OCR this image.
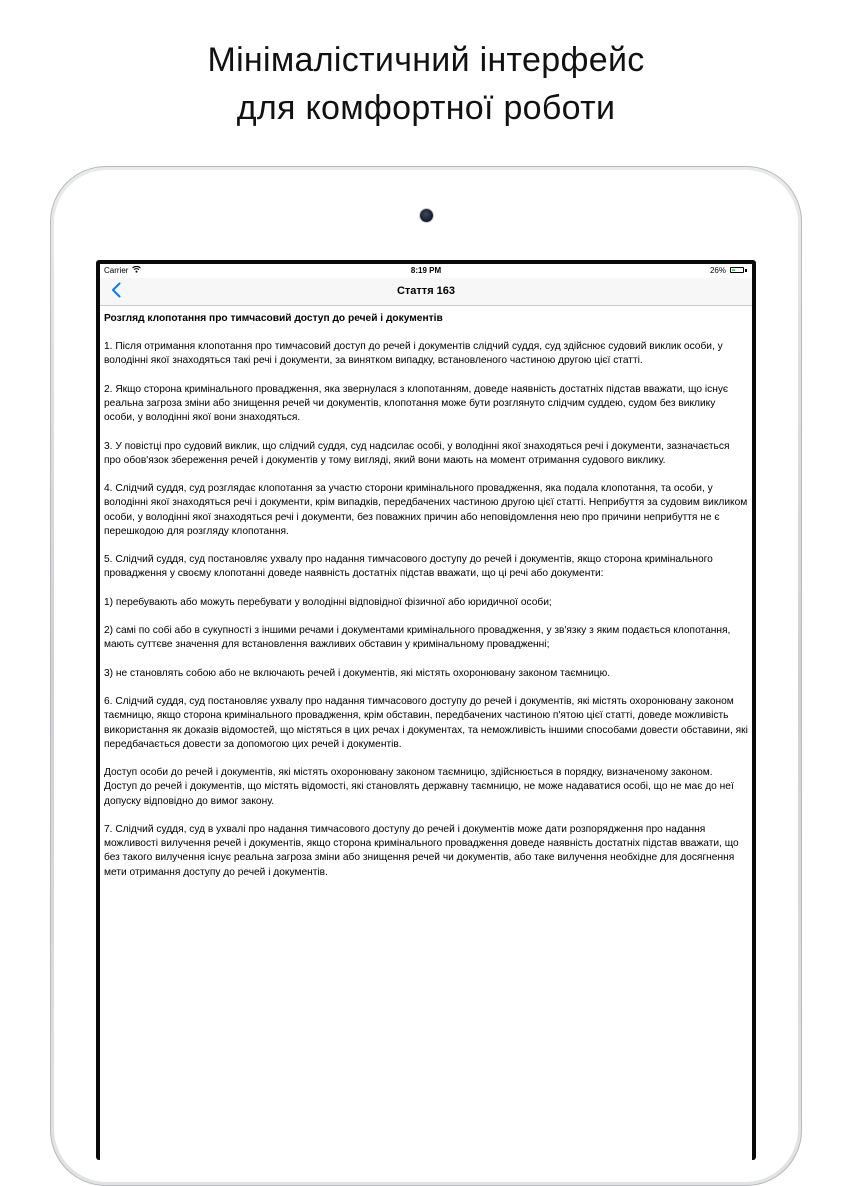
Мінімалістичний інтерфейс
для комфортної роботи
Carrier	8:19 PM	26%
Стаття 163
Розгляд клопотання про тимчасовий доступ до речей і документів
1. Після отримання клопотання про тимчасовий доступ до речей і документів слідчий суддя, суд здійснює судовий виклик особи, у володінні якої знаходяться такі речі і документи, за винятком випадку, встановленого частиною другою цієї статті.
2. Якщо сторона кримінального провадження, яка звернулася з клопотанням, доведе наявність достатніх підстав вважати, що існує реальна загроза зміни або знищення речей чи документів, клопотання може бути розглянуто слідчим суддею, судом без виклику особи, у володінні якої вони знаходяться.
3. У повістці про судовий виклик, що слідчий суддя, суд надсилає особі, у володінні якої знаходяться речі і документи, зазначається про обов'язок збереження речей і документів у тому вигляді, який вони мають на момент отримання судового виклику.
4. Слідчий суддя, суд розглядає клопотання за участю сторони кримінального провадження, яка подала клопотання, та особи, у володінні якої знаходяться речі і документи, крім випадків, передбачених частиною другою цієї статті. Неприбуття за судовим викликом особи, у володінні якої знаходяться речі і документи, без поважних причин або неповідомлення нею про причини неприбуття не є перешкодою для розгляду клопотання.
5. Слідчий суддя, суд постановляє ухвалу про надання тимчасового доступу до речей і документів, якщо сторона кримінального провадження у своєму клопотанні доведе наявність достатніх підстав вважати, що ці речі або документи:
1) перебувають або можуть перебувати у володінні відповідної фізичної або юридичної особи;
2) самі по собі або в сукупності з іншими речами і документами кримінального провадження, у зв'язку з яким подається клопотання, мають суттєве значення для встановлення важливих обставин у кримінальному провадженні;
3) не становлять собою або не включають речей і документів, які містять охоронювану законом таємницю.
6. Слідчий суддя, суд постановляє ухвалу про надання тимчасового доступу до речей і документів, які містять охоронювану законом таємницю, якщо сторона кримінального провадження, крім обставин, передбачених частиною п'ятою цієї статті, доведе можливість використання як доказів відомостей, що містяться в цих речах і документах, та неможливість іншими способами довести обставини, які передбачається довести за допомогою цих речей і документів.
Доступ особи до речей і документів, які містять охоронювану законом таємницю, здійснюється в порядку, визначеному законом. Доступ до речей і документів, що містять відомості, які становлять державну таємницю, не може надаватися особі, що не має до неї допуску відповідно до вимог закону.
7. Слідчий суддя, суд в ухвалі про надання тимчасового доступу до речей і документів може дати розпорядження про надання можливості вилучення речей і документів, якщо сторона кримінального провадження доведе наявність достатніх підстав вважати, що без такого вилучення існує реальна загроза зміни або знищення речей чи документів, або таке вилучення необхідне для досягнення мети отримання доступу до речей і документів.
